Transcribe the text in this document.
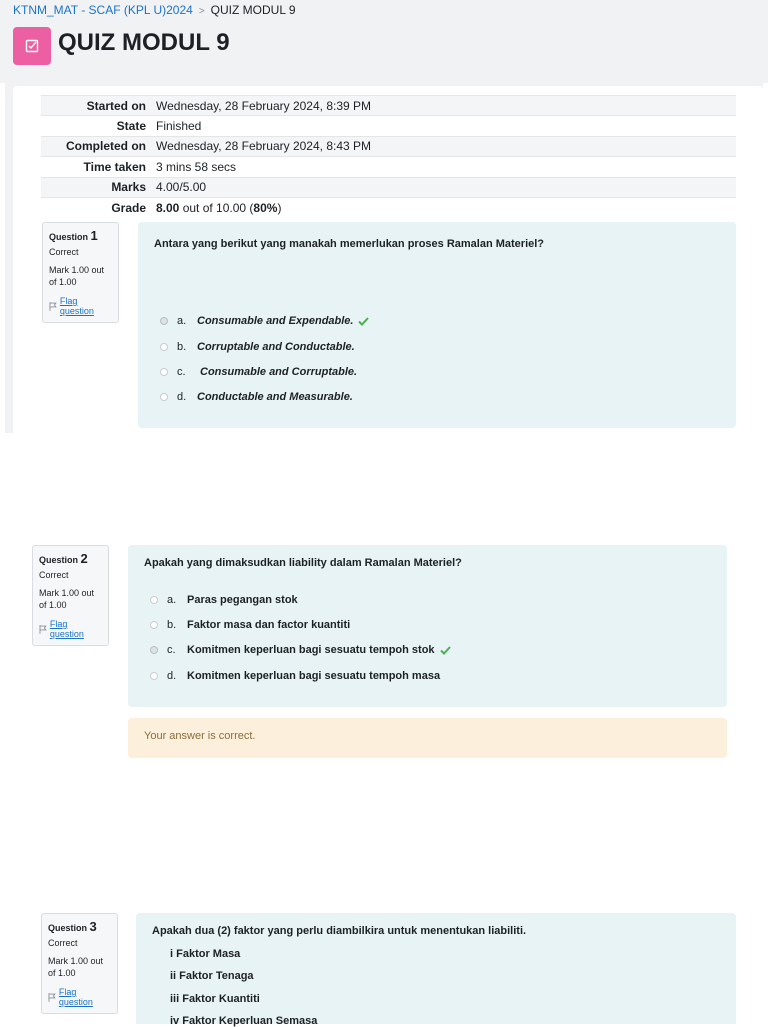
KTNM_MAT - SCAF (KPL U)2024 > QUIZ MODUL 9
QUIZ MODUL 9
Started on	Wednesday, 28 February 2024, 8:39 PM
State	Finished
Completed on	Wednesday, 28 February 2024, 8:43 PM
Time taken	3 mins 58 secs
Marks	4.00/5.00
Grade	8.00 out of 10.00 (80%)
Question 1
Correct
Mark 1.00 out of 1.00
Flag question
Antara yang berikut yang manakah memerlukan proses Ramalan Materiel?
a. Consumable and Expendable.
b. Corruptable and Conductable.
c.	Consumable and Corruptable.
d. Conductable and Measurable.
Question 2
Correct
Mark 1.00 out of 1.00
Flag question
Apakah yang dimaksudkan liability dalam Ramalan Materiel?
a. Paras pegangan stok
b. Faktor masa dan factor kuantiti
c.	Komitmen keperluan bagi sesuatu tempoh stok
d. Komitmen keperluan bagi sesuatu tempoh masa
Your answer is correct.
Question 3
Correct
Mark 1.00 out of 1.00
Flag question
Apakah dua (2) faktor yang perlu diambilkira untuk menentukan liabiliti.
i Faktor Masa
ii Faktor Tenaga
iii Faktor Kuantiti
iv Faktor Keperluan Semasa
